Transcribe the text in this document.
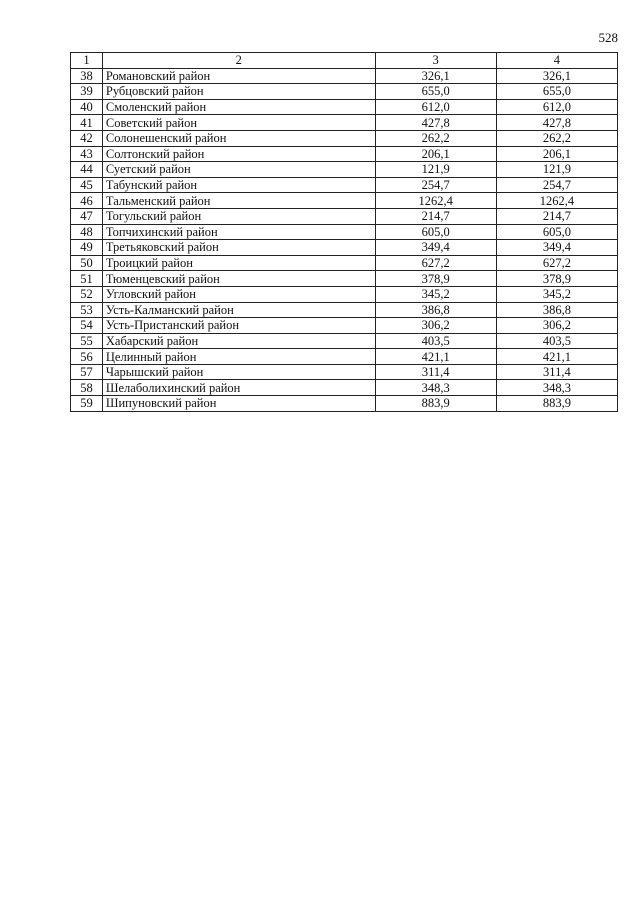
528
1	2	3	4
38	Романовский район	326,1	326,1
39	Рубцовский район	655,0	655,0
40	Смоленский район	612,0	612,0
41	Советский район	427,8	427,8
42	Солонешенский район	262,2	262,2
43	Солтонский район	206,1	206,1
44	Суетский район	121,9	121,9
45	Табунский район	254,7	254,7
46	Тальменский район	1262,4	1262,4
47	Тогульский район	214,7	214,7
48	Топчихинский район	605,0	605,0
49	Третьяковский район	349,4	349,4
50	Троицкий район	627,2	627,2
51	Тюменцевский район	378,9	378,9
52	Угловский район	345,2	345,2
53	Усть-Калманский район	386,8	386,8
54	Усть-Пристанский район	306,2	306,2
55	Хабарский район	403,5	403,5
56	Целинный район	421,1	421,1
57	Чарышский район	311,4	311,4
58	Шелаболихинский район	348,3	348,3
59	Шипуновский район	883,9	883,9
